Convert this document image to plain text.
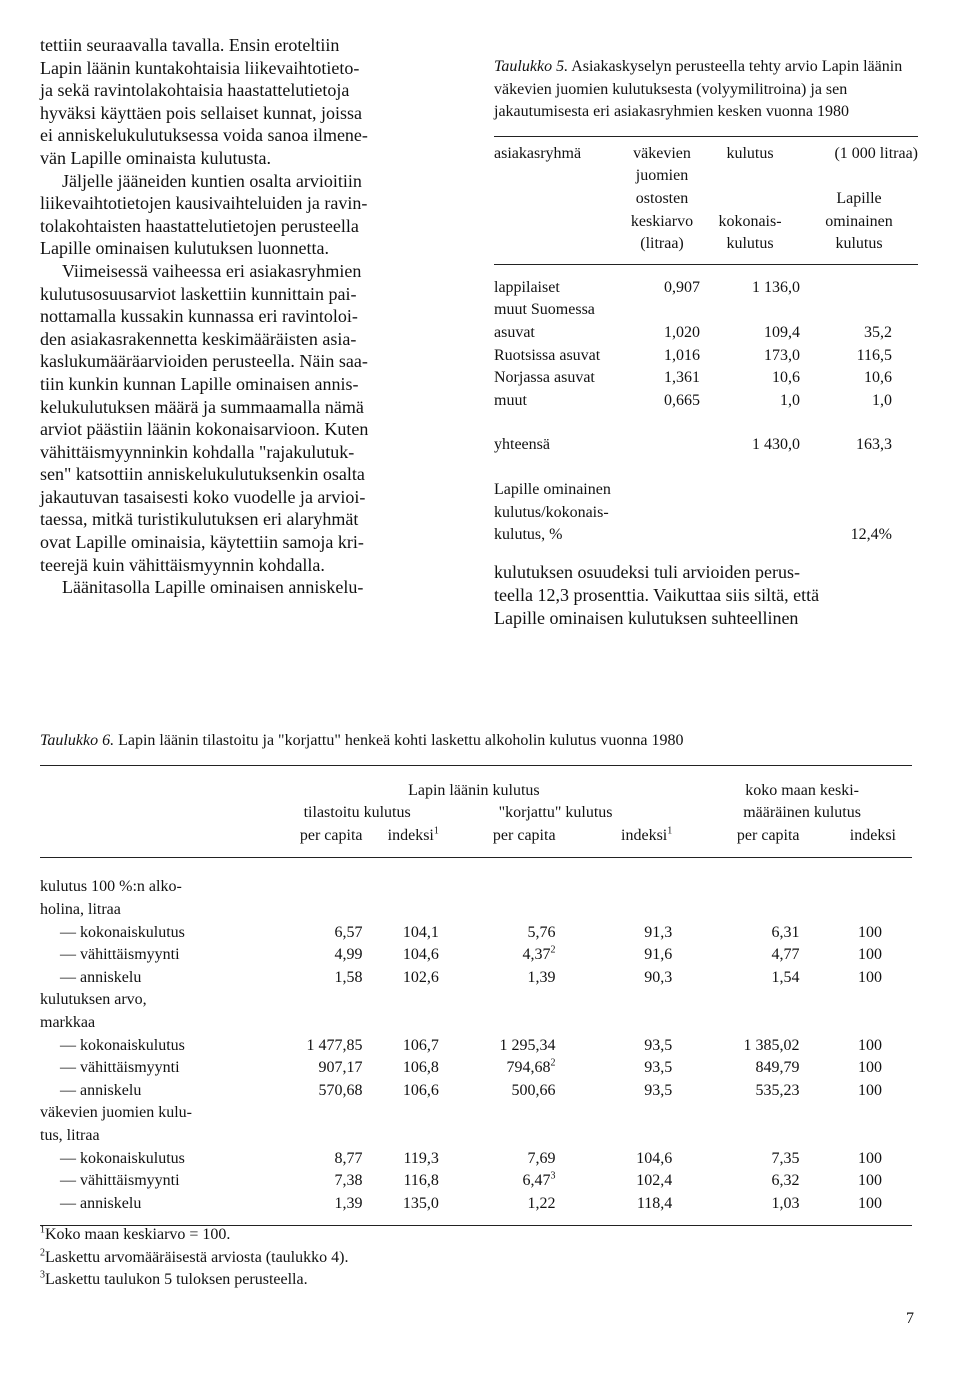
tettiin seuraavalla tavalla. Ensin eroteltiin
Lapin läänin kuntakohtaisia liikevaihtotieto-
ja sekä ravintolakohtaisia haastattelutietoja
hyväksi käyttäen pois sellaiset kunnat, joissa
ei anniskelukulutuksessa voida sanoa ilmene-
vän Lapille ominaista kulutusta.
Jäljelle jääneiden kuntien osalta arvioitiin
liikevaihtotietojen kausivaihteluiden ja ravin-
tolakohtaisten haastattelutietojen perusteella
Lapille ominaisen kulutuksen luonnetta.
Viimeisessä vaiheessa eri asiakasryhmien
kulutusosuusarviot laskettiin kunnittain pai-
nottamalla kussakin kunnassa eri ravintoloi-
den asiakasrakennetta keskimääräisten asia-
kaslukumääräarvioiden perusteella. Näin saa-
tiin kunkin kunnan Lapille ominaisen annis-
kelukulutuksen määrä ja summaamalla nämä
arviot päästiin läänin kokonaisarvioon. Kuten
vähittäismyynninkin kohdalla "rajakulutuk-
sen" katsottiin anniskelukulutuksenkin osalta
jakautuvan tasaisesti koko vuodelle ja arvioi-
taessa, mitkä turistikulutuksen eri alaryhmät
ovat Lapille ominaisia, käytettiin samoja kri-
teerejä kuin vähittäismyynnin kohdalla.
Läänitasolla Lapille ominaisen anniskelu-

Taulukko 5. Asiakaskyselyn perusteella tehty arvio Lapin läänin väkevien juomien kulutuksesta (volyymilitroina) ja sen jakautumisesta eri asiakasryhmien kesken vuonna 1980

asiakasryhmä	väkevien	kulutus	(1 000 litraa)
	juomien		
	ostosten		Lapille
	keskiarvo	kokonais-	ominainen
	(litraa)	kulutus	kulutus
lappilaiset	0,907	1 136,0	
muut Suomessa			
asuvat	1,020	109,4	35,2
Ruotsissa asuvat	1,016	173,0	116,5
Norjassa asuvat	1,361	10,6	10,6
muut	0,665	1,0	1,0
yhteensä		1 430,0	163,3

Lapille ominainen
kulutus/kokonais-
kulutus, %			12,4%
kulutuksen osuudeksi tuli arvioiden perus-
teella 12,3 prosenttia. Vaikuttaa siis siltä, että
Lapille ominaisen kulutuksen suhteellinen

Taulukko 6. Lapin läänin tilastoitu ja "korjattu" henkeä kohti laskettu alkoholin kulutus vuonna 1980

	Lapin läänin kulutus				koko maan keski-	
	tilastoitu kulutus		"korjattu" kulutus		määräinen kulutus	
	per capita	indeksi$^1$	per capita	indeksi$^1$	per capita	indeksi
kulutus 100 %:n alko-						
holina, litraa						
— kokonaiskulutus	6,57	104,1	5,76	91,3	6,31	100
— vähittäismyynti	4,99	104,6	4,37$^2$	91,6	4,77	100
— anniskelu	1,58	102,6	1,39	90,3	1,54	100
kulutuksen arvo,						
markkaa						
— kokonaiskulutus	1 477,85	106,7	1 295,34	93,5	1 385,02	100
— vähittäismyynti	907,17	106,8	794,68$^2$	93,5	849,79	100
— anniskelu	570,68	106,6	500,66	93,5	535,23	100
väkevien juomien kulu-						
tus, litraa						
— kokonaiskulutus	8,77	119,3	7,69	104,6	7,35	100
— vähittäismyynti	7,38	116,8	6,47$^3$	102,4	6,32	100
— anniskelu	1,39	135,0	1,22	118,4	1,03	100
$^1$Koko maan keskiarvo = 100.
$^2$Laskettu arvomääräisestä arviosta (taulukko 4).
$^3$Laskettu taulukon 5 tuloksen perusteella.
7
